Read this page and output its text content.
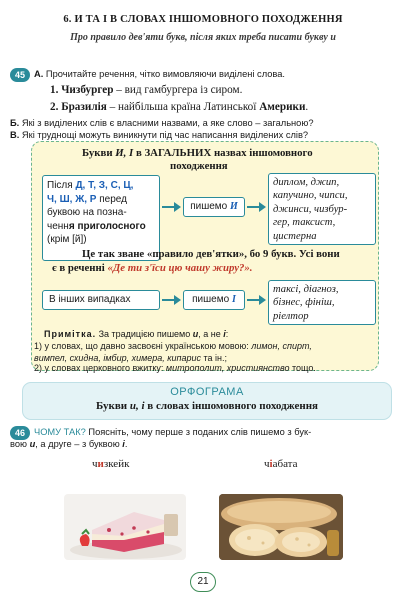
6. И ТА І В СЛОВАХ ІНШОМОВНОГО ПОХОДЖЕННЯ
Про правило дев'яти букв, після яких треба писати букву и
45 А. Прочитайте речення, чітко вимовляючи виділені слова.
1. Чизбургер – вид гамбургера із сиром.
2. Бразилія – найбільша країна Латинської Америки.
Б. Які з виділених слів є власними назвами, а яке слово – загальною?
В. Які труднощі можуть виникнути під час написання виділених слів?
Букви И, І в ЗАГАЛЬНИХ назвах іншомовного
походження
Після Д, Т, З, С, Ц,
Ч, Ш, Ж, Р перед
буквою на позна-
чення приголосного
(крім [й])
пишемо И
диплом, джип,
капучино, чипси,
джинси, чизбур-
гер, таксист,
цистерна
Це так зване «правило дев'ятки», бо 9 букв. Усі вони
є в реченні «Де ти з'їси цю чашу жиру?».
В інших випадках	пишемо І
таксі, діагноз,
бізнес, фініш,
ріелтор
Примітка. За традицією пишемо и, а не і:
1) у словах, що давно засвоєні українською мовою: лимон, спирт,
вимпел, схидна, імбир, химера, кипарис та ін.;
2) у словах церковного вжитку: митрополит, християнство тощо.
ОРФОГРАМА
Букви и, і в словах іншомовного походження
46 ЧОМУ ТАК? Поясніть, чому перше з поданих слів пишемо з бук-
вою и, а друге – з буквою і.
чизкейк	чіабата
21
